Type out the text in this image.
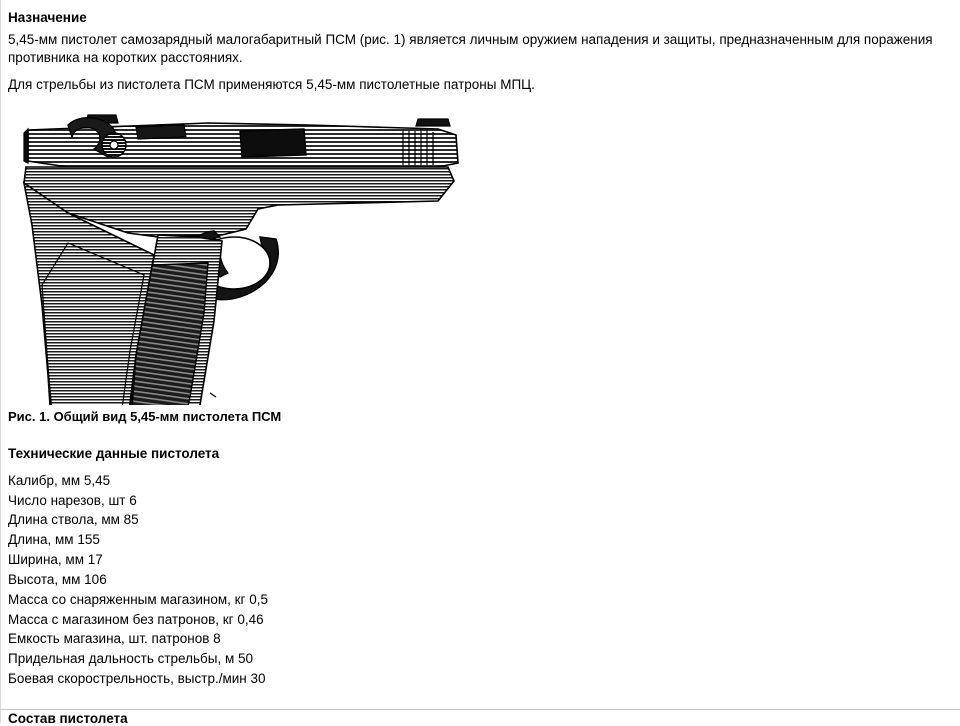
Назначение

5,45-мм пистолет самозарядный малогабаритный ПСМ (рис. 1) является личным оружием нападения и защиты, предназначенным для поражения противника на коротких расстояниях.

Для стрельбы из пистолета ПСМ применяются 5,45-мм пистолетные патроны МПЦ.

Рис. 1. Общий вид 5,45-мм пистолета ПСМ

Технические данные пистолета
Калибр, мм 5,45
Число нарезов, шт 6
Длина ствола, мм 85
Длина, мм 155
Ширина, мм 17
Высота, мм 106
Масса со снаряженным магазином, кг 0,5
Масса с магазином без патронов, кг 0,46
Емкость магазина, шт. патронов 8
Придельная дальность стрельбы, м 50
Боевая скорострельность, выстр./мин 30
Состав пистолета
